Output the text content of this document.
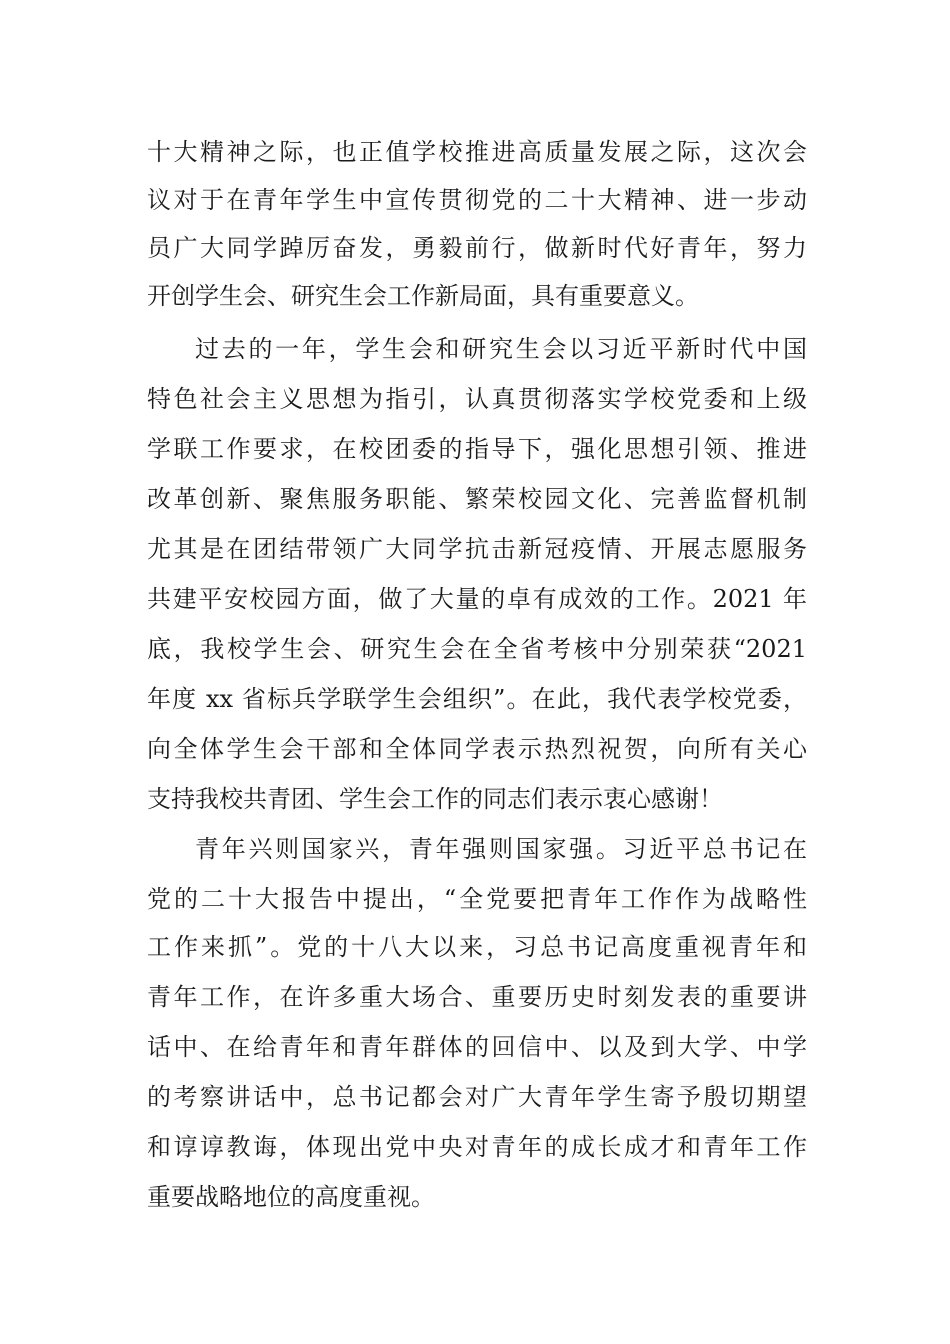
十大精神之际，也正值学校推进高质量发展之际，这次会
议对于在青年学生中宣传贯彻党的二十大精神、进一步动
员广大同学踔厉奋发，勇毅前行，做新时代好青年，努力
开创学生会、研究生会工作新局面，具有重要意义。
过去的一年，学生会和研究生会以习近平新时代中国
特色社会主义思想为指引，认真贯彻落实学校党委和上级
学联工作要求，在校团委的指导下，强化思想引领、推进
改革创新、聚焦服务职能、繁荣校园文化、完善监督机制
尤其是在团结带领广大同学抗击新冠疫情、开展志愿服务
共建平安校园方面，做了大量的卓有成效的工作。2021 年
底，我校学生会、研究生会在全省考核中分别荣获“2021
年度 xx 省标兵学联学生会组织”。在此，我代表学校党委，
向全体学生会干部和全体同学表示热烈祝贺，向所有关心
支持我校共青团、学生会工作的同志们表示衷心感谢！
青年兴则国家兴，青年强则国家强。习近平总书记在
党的二十大报告中提出，“全党要把青年工作作为战略性
工作来抓”。党的十八大以来，习总书记高度重视青年和
青年工作，在许多重大场合、重要历史时刻发表的重要讲
话中、在给青年和青年群体的回信中、以及到大学、中学
的考察讲话中，总书记都会对广大青年学生寄予殷切期望
和谆谆教诲，体现出党中央对青年的成长成才和青年工作
重要战略地位的高度重视。
